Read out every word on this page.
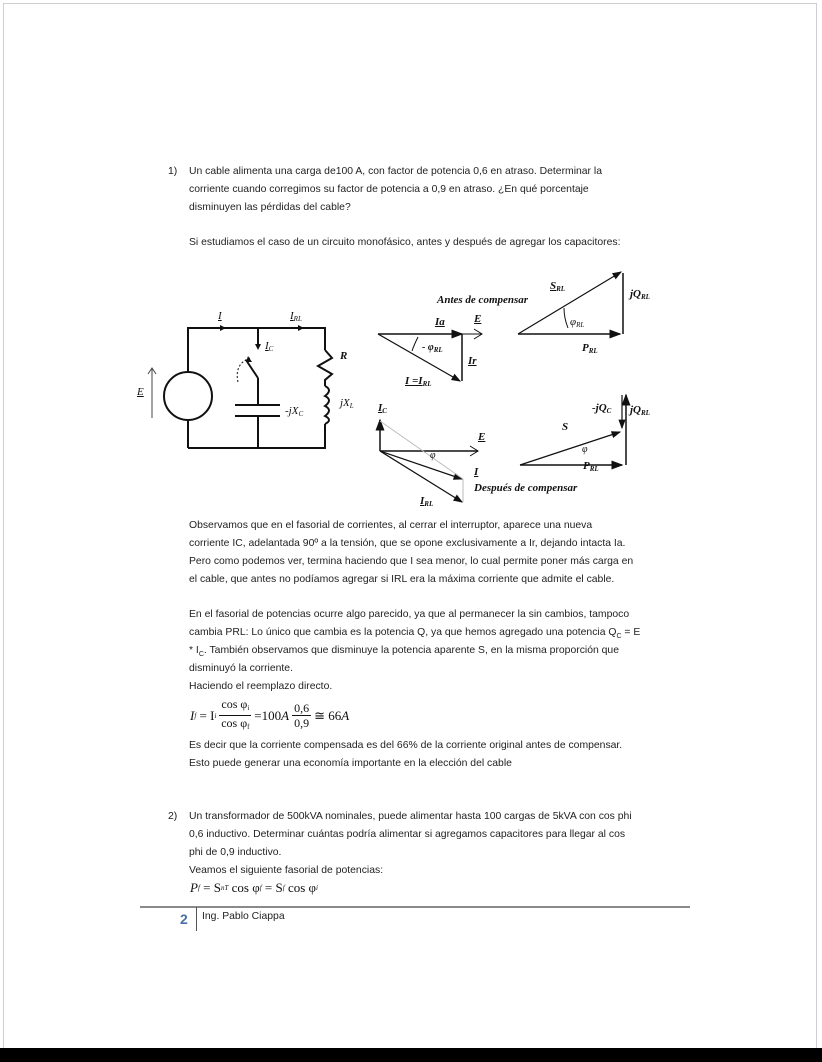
1) Un cable alimenta una carga de100 A, con factor de potencia 0,6 en atraso. Determinar la
corriente cuando corregimos su factor de potencia a 0,9 en atraso. ¿En qué porcentaje
disminuyen las pérdidas del cable?
Si estudiamos el caso de un circuito monofásico, antes y después de agregar los capacitores:
E
I	$I_{RL}$
$I_C$
R
$jX_L$
$-jX_C$
Antes de compensar
Ia	E
- $\varphi_{RL}$
Ir
$I =I_{RL}$
$S_{RL}$	$jQ_{RL}$
$\varphi_{RL}$
$P_{RL}$
$I_C$
E
φ
I
Después de compensar
$I_{RL}$
$-jQ_C$ $jQ_{RL}$
S
φ
$P_{RL}$
Observamos que en el fasorial de corrientes, al cerrar el interruptor, aparece una nueva
corriente IC, adelantada 90º a la tensión, que se opone exclusivamente a Ir, dejando intacta Ia.
Pero como podemos ver, termina haciendo que I sea menor, lo cual permite poner más carga en
el cable, que antes no podíamos agregar si IRL era la máxima corriente que admite el cable.
En el fasorial de potencias ocurre algo parecido, ya que al permanecer la sin cambios, tampoco
cambia PRL: Lo único que cambia es la potencia Q, ya que hemos agregado una potencia $Q_C = E$
* $I_C$. También observamos que disminuye la potencia aparente S, en la misma proporción que
disminuyó la corriente.
Haciendo el reemplazo directo.
I f
= I i $\frac{\cos \varphi_i}{\cos \varphi_f} =100$ A $\frac{0,6}{0,9}$ ≅ 66 A
Es decir que la corriente compensada es del 66% de la corriente original antes de compensar.
Esto puede generar una economía importante en la elección del cable
2) Un transformador de 500kVA nominales, puede alimentar hasta 100 cargas de 5kVA con cos phi
0,6 inductivo. Determinar cuántas podría alimentar si agregamos capacitores para llegar al cos
phi de 0,9 inductivo.
Veamos el siguiente fasorial de potencias:
P f
= S nT
cos φ f
= S f
cos φ i
2 Ing. Pablo Ciappa
